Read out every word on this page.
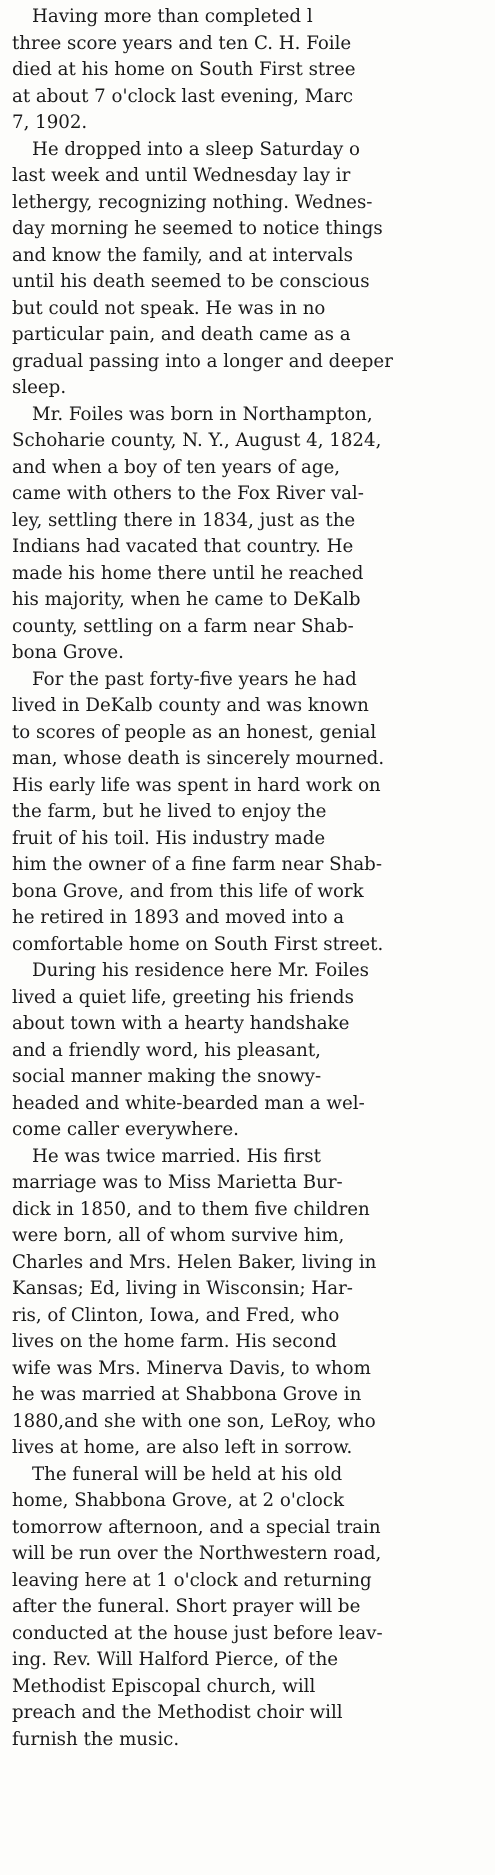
Having more than completed l
three score years and ten C. H. Foile
died at his home on South First stree
at about 7 o'clock last evening, Marc
7, 1902.
He dropped into a sleep Saturday o
last week and until Wednesday lay ir
lethergy, recognizing nothing. Wednes-
day morning he seemed to notice things
and know the family, and at intervals
until his death seemed to be conscious
but could not speak. He was in no
particular pain, and death came as a
gradual passing into a longer and deeper
sleep.
Mr. Foiles was born in Northampton,
Schoharie county, N. Y., August 4, 1824,
and when a boy of ten years of age,
came with others to the Fox River val-
ley, settling there in 1834, just as the
Indians had vacated that country. He
made his home there until he reached
his majority, when he came to DeKalb
county, settling on a farm near Shab-
bona Grove.
For the past forty-five years he had
lived in DeKalb county and was known
to scores of people as an honest, genial
man, whose death is sincerely mourned.
His early life was spent in hard work on
the farm, but he lived to enjoy the
fruit of his toil. His industry made
him the owner of a fine farm near Shab-
bona Grove, and from this life of work
he retired in 1893 and moved into a
comfortable home on South First street.
During his residence here Mr. Foiles
lived a quiet life, greeting his friends
about town with a hearty handshake
and a friendly word, his pleasant,
social manner making the snowy-
headed and white-bearded man a wel-
come caller everywhere.
He was twice married. His first
marriage was to Miss Marietta Bur-
dick in 1850, and to them five children
were born, all of whom survive him,
Charles and Mrs. Helen Baker, living in
Kansas; Ed, living in Wisconsin; Har-
ris, of Clinton, Iowa, and Fred, who
lives on the home farm. His second
wife was Mrs. Minerva Davis, to whom
he was married at Shabbona Grove in
1880,and she with one son, LeRoy, who
lives at home, are also left in sorrow.
The funeral will be held at his old
home, Shabbona Grove, at 2 o'clock
tomorrow afternoon, and a special train
will be run over the Northwestern road,
leaving here at 1 o'clock and returning
after the funeral. Short prayer will be
conducted at the house just before leav-
ing. Rev. Will Halford Pierce, of the
Methodist Episcopal church, will
preach and the Methodist choir will
furnish the music.
